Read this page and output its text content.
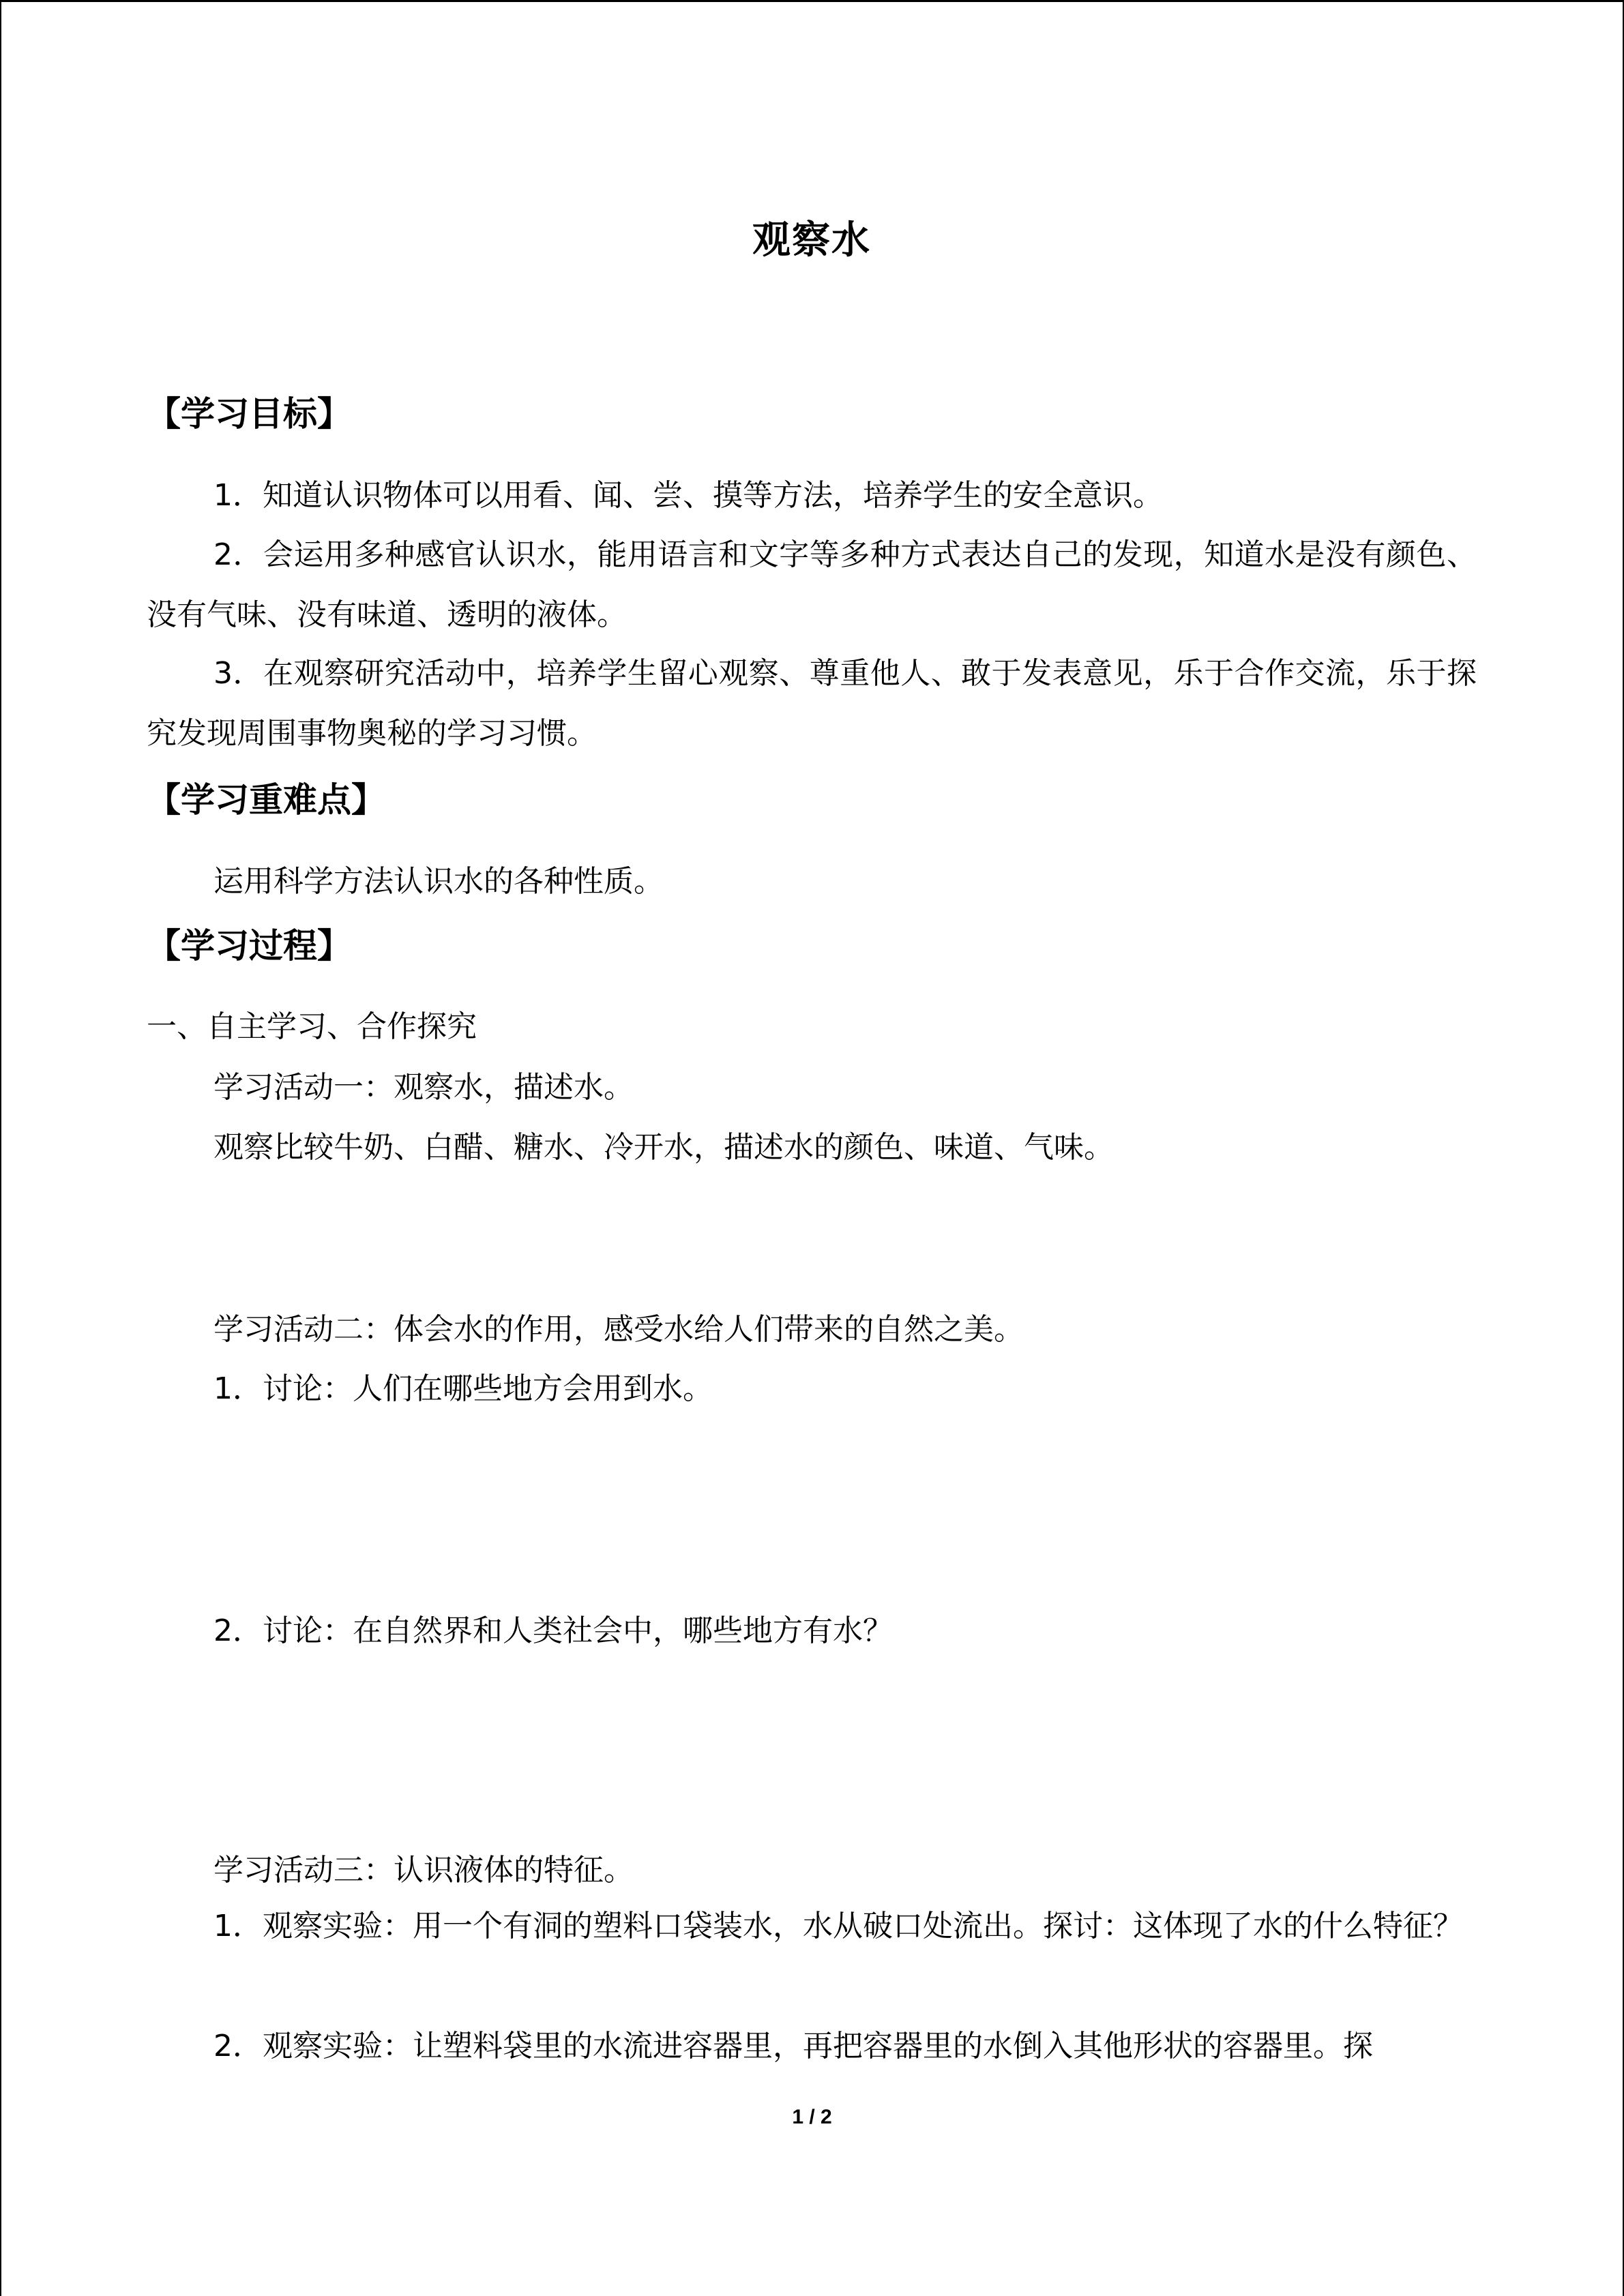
观察水
【学习目标】
1．知道认识物体可以用看、闻、尝、摸等方法，培养学生的安全意识。
2．会运用多种感官认识水，能用语言和文字等多种方式表达自己的发现，知道水是没有颜色、没有气味、没有味道、透明的液体。
3．在观察研究活动中，培养学生留心观察、尊重他人、敢于发表意见，乐于合作交流，乐于探究发现周围事物奥秘的学习习惯。
【学习重难点】
运用科学方法认识水的各种性质。
【学习过程】
一、自主学习、合作探究
学习活动一：观察水，描述水。
观察比较牛奶、白醋、糖水、冷开水，描述水的颜色、味道、气味。
学习活动二：体会水的作用，感受水给人们带来的自然之美。
1．讨论：人们在哪些地方会用到水。
2．讨论：在自然界和人类社会中，哪些地方有水？
学习活动三：认识液体的特征。
1．观察实验：用一个有洞的塑料口袋装水，水从破口处流出。探讨：这体现了水的什么特征？
2．观察实验：让塑料袋里的水流进容器里，再把容器里的水倒入其他形状的容器里。探
1 / 2
